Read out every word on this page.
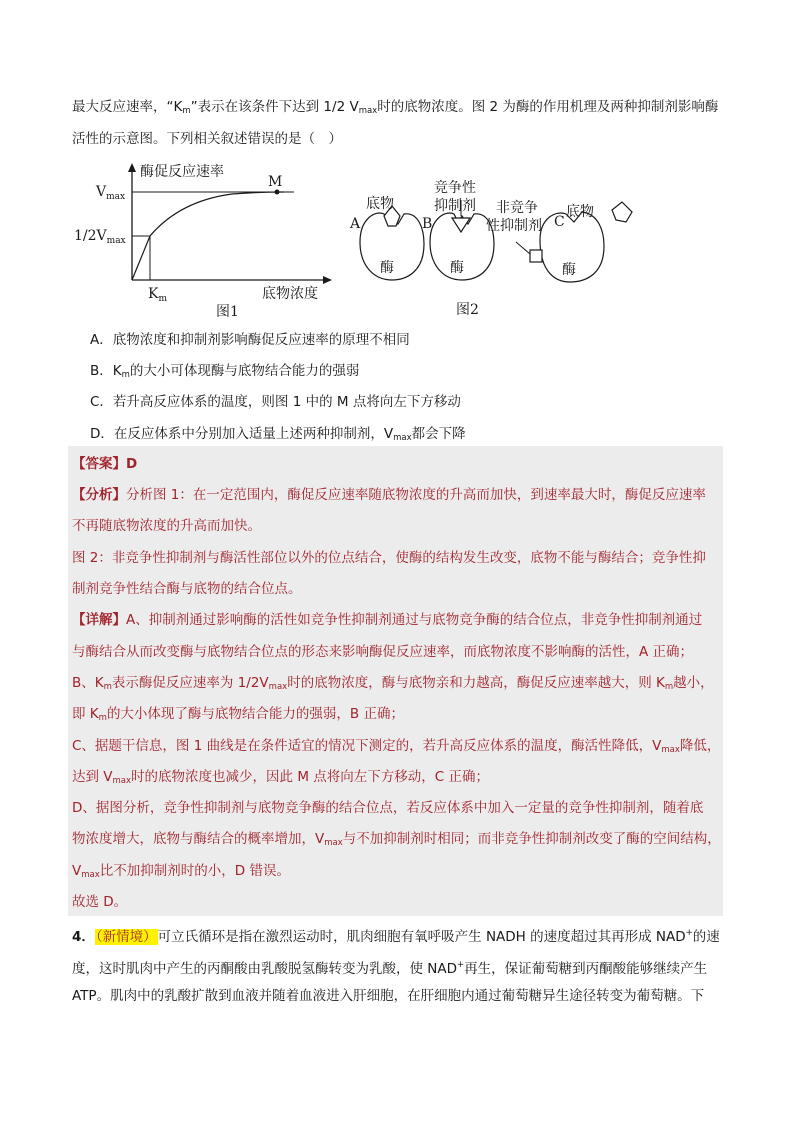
最大反应速率，“$K_m$”表示在该条件下达到 1/2 $V_{max}$时的底物浓度。图 2 为酶的作用机理及两种抑制剂影响酶
活性的示意图。下列相关叙述错误的是（　）
酶促反应速率
$V_{max}$
$1/2V_{max}$
M
$K_m$	底物浓度
图1
底物
A
酶
竞争性
抑制剂
B
酶
非竞争
性抑制剂 C
底物
酶
图2
A．底物浓度和抑制剂影响酶促反应速率的原理不相同
B．$K_m$的大小可体现酶与底物结合能力的强弱
C．若升高反应体系的温度，则图 1 中的 M 点将向左下方移动
D．在反应体系中分别加入适量上述两种抑制剂，$V_{max}$都会下降
【答案】D
【分析】分析图 1：在一定范围内，酶促反应速率随底物浓度的升高而加快，到速率最大时，酶促反应速率
不再随底物浓度的升高而加快。
图 2：非竞争性抑制剂与酶活性部位以外的位点结合，使酶的结构发生改变，底物不能与酶结合；竞争性抑
制剂竞争性结合酶与底物的结合位点。
【详解】A、抑制剂通过影响酶的活性如竞争性抑制剂通过与底物竞争酶的结合位点，非竞争性抑制剂通过
与酶结合从而改变酶与底物结合位点的形态来影响酶促反应速率，而底物浓度不影响酶的活性，A 正确；
B、$K_m$表示酶促反应速率为 $1/2V_{max}$时的底物浓度，酶与底物亲和力越高，酶促反应速率越大，则 $K_m$越小，
即 $K_m$的大小体现了酶与底物结合能力的强弱，B 正确；
C、据题干信息，图 1 曲线是在条件适宜的情况下测定的，若升高反应体系的温度，酶活性降低，$V_{max}$降低，
达到 $V_{max}$时的底物浓度也减少，因此 M 点将向左下方移动，C 正确；
D、据图分析，竞争性抑制剂与底物竞争酶的结合位点，若反应体系中加入一定量的竞争性抑制剂，随着底
物浓度增大，底物与酶结合的概率增加，$V_{max}$与不加抑制剂时相同；而非竞争性抑制剂改变了酶的空间结构，
$V_{max}$比不加抑制剂时的小，D 错误。
故选 D。
4．（新情境）可立氏循环是指在激烈运动时，肌肉细胞有氧呼吸产生 NADH 的速度超过其再形成 NAD+的速
度，这时肌肉中产生的丙酮酸由乳酸脱氢酶转变为乳酸，使 NAD+再生，保证葡萄糖到丙酮酸能够继续产生
ATP。肌肉中的乳酸扩散到血液并随着血液进入肝细胞，在肝细胞内通过葡萄糖异生途径转变为葡萄糖。下
